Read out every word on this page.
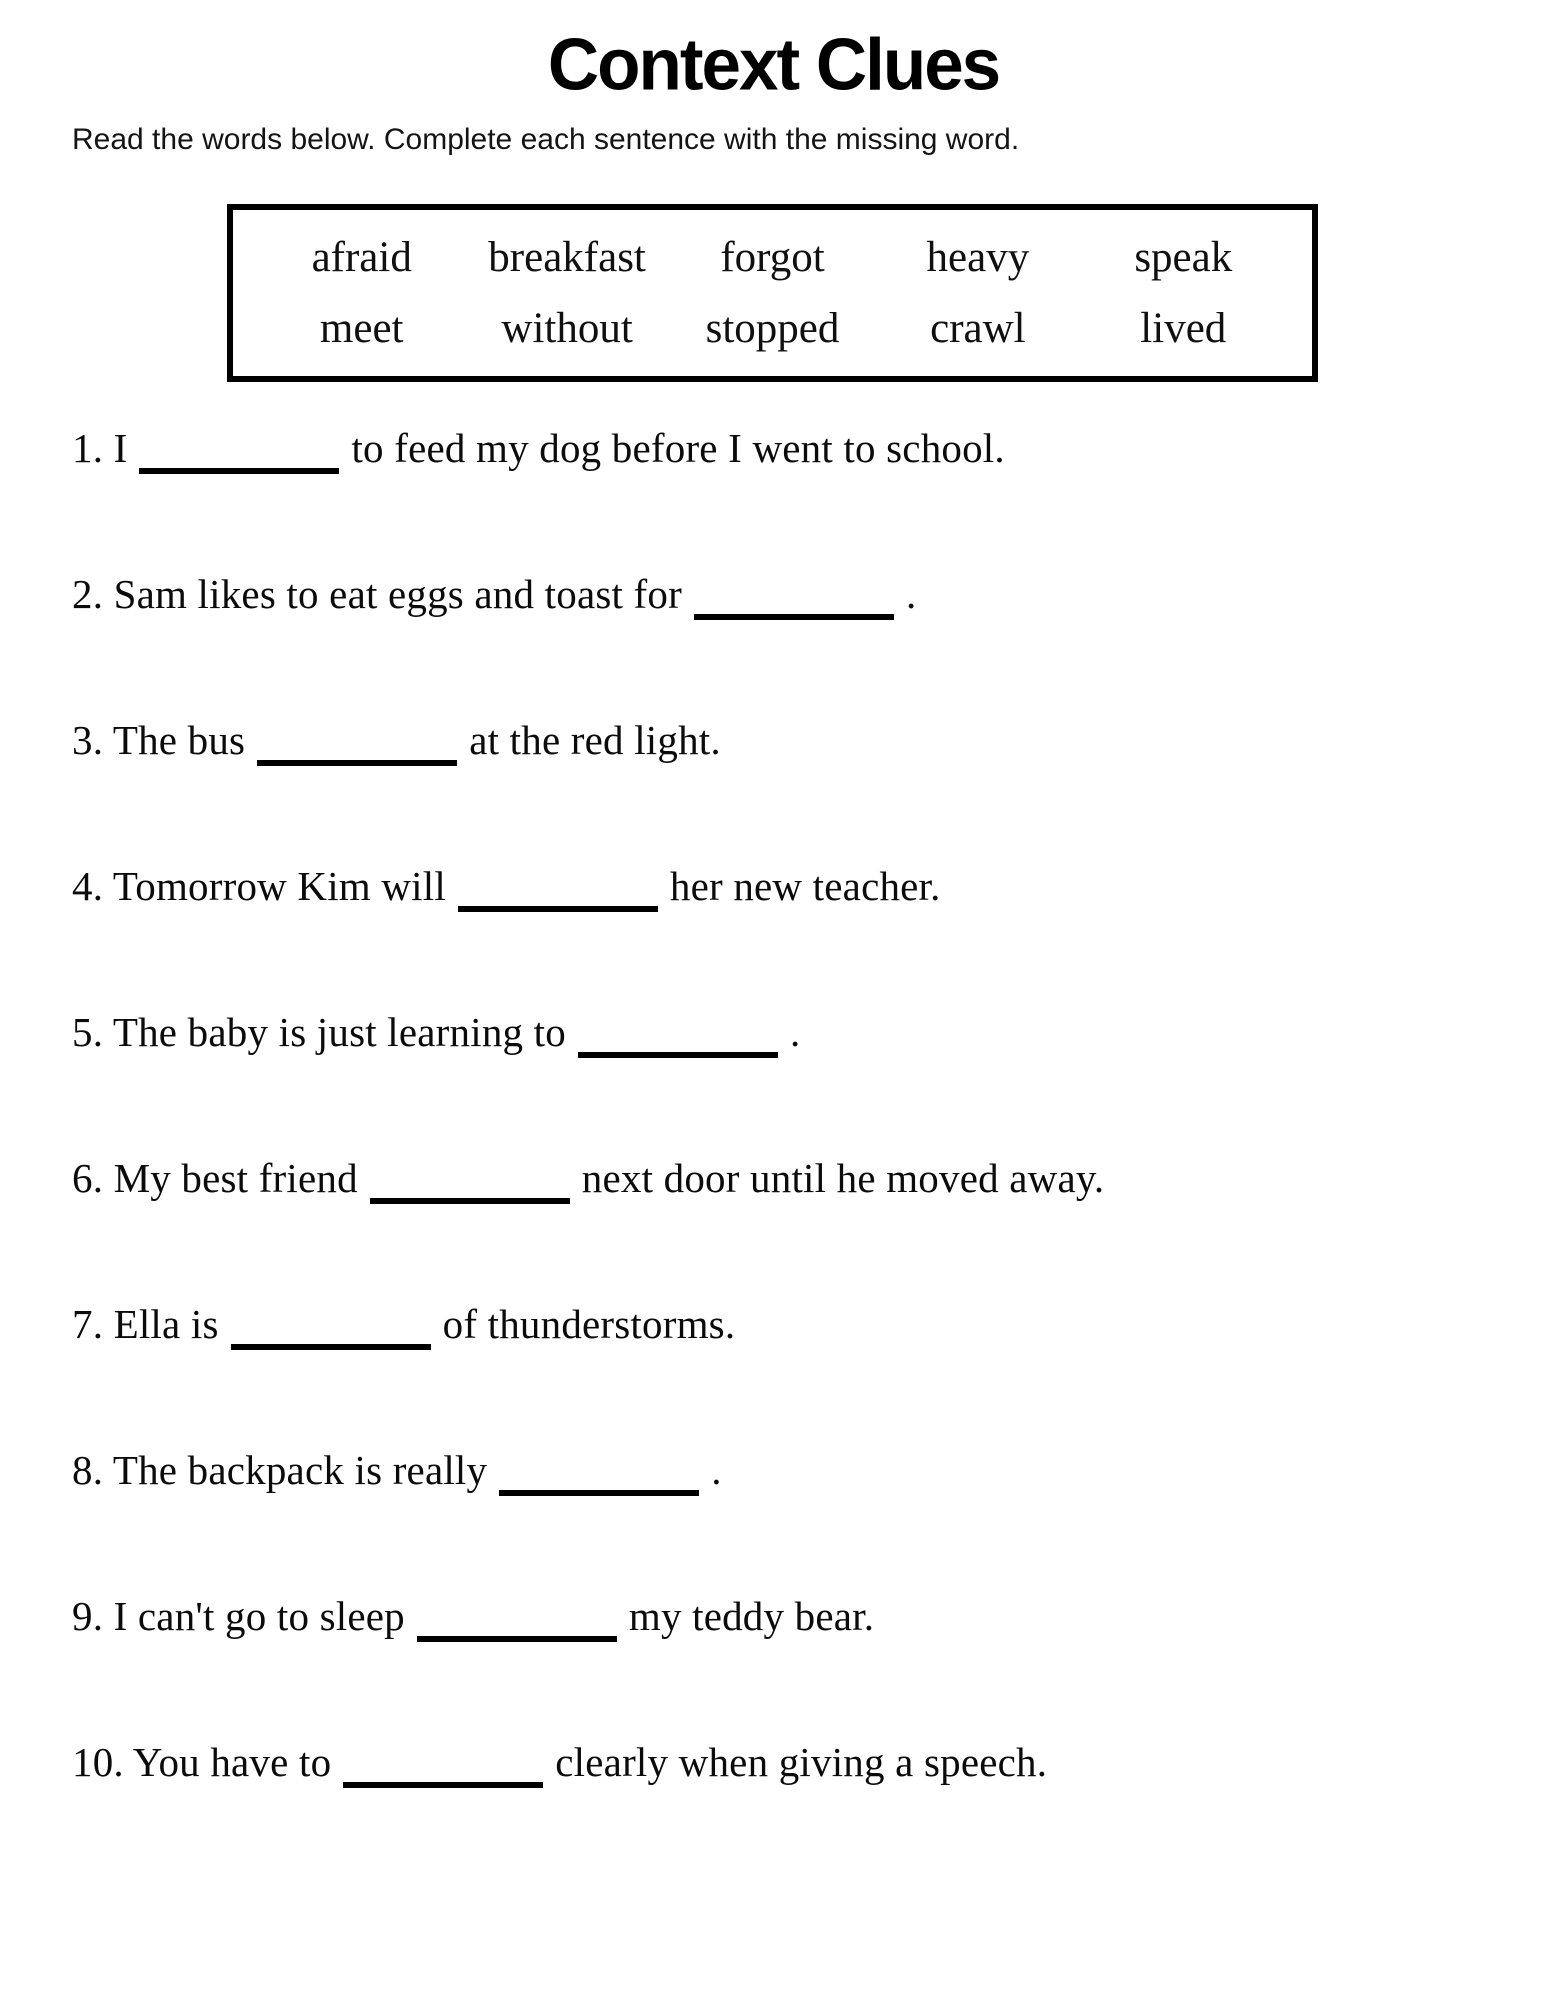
Context Clues

Read the words below. Complete each sentence with the missing word.

afraid breakfast forgot heavy speak
meet without stopped crawl	lived
1. I	to feed my dog before I went to school.
2. Sam likes to eat eggs and toast for	.
3. The bus	at the red light.
4. Tomorrow Kim will	her new teacher.
5. The baby is just learning to	.
6. My best friend	next door until he moved away.
7. Ella is	of thunderstorms.
8. The backpack is really	.
9. I can't go to sleep	my teddy bear.
10. You have to	clearly when giving a speech.
